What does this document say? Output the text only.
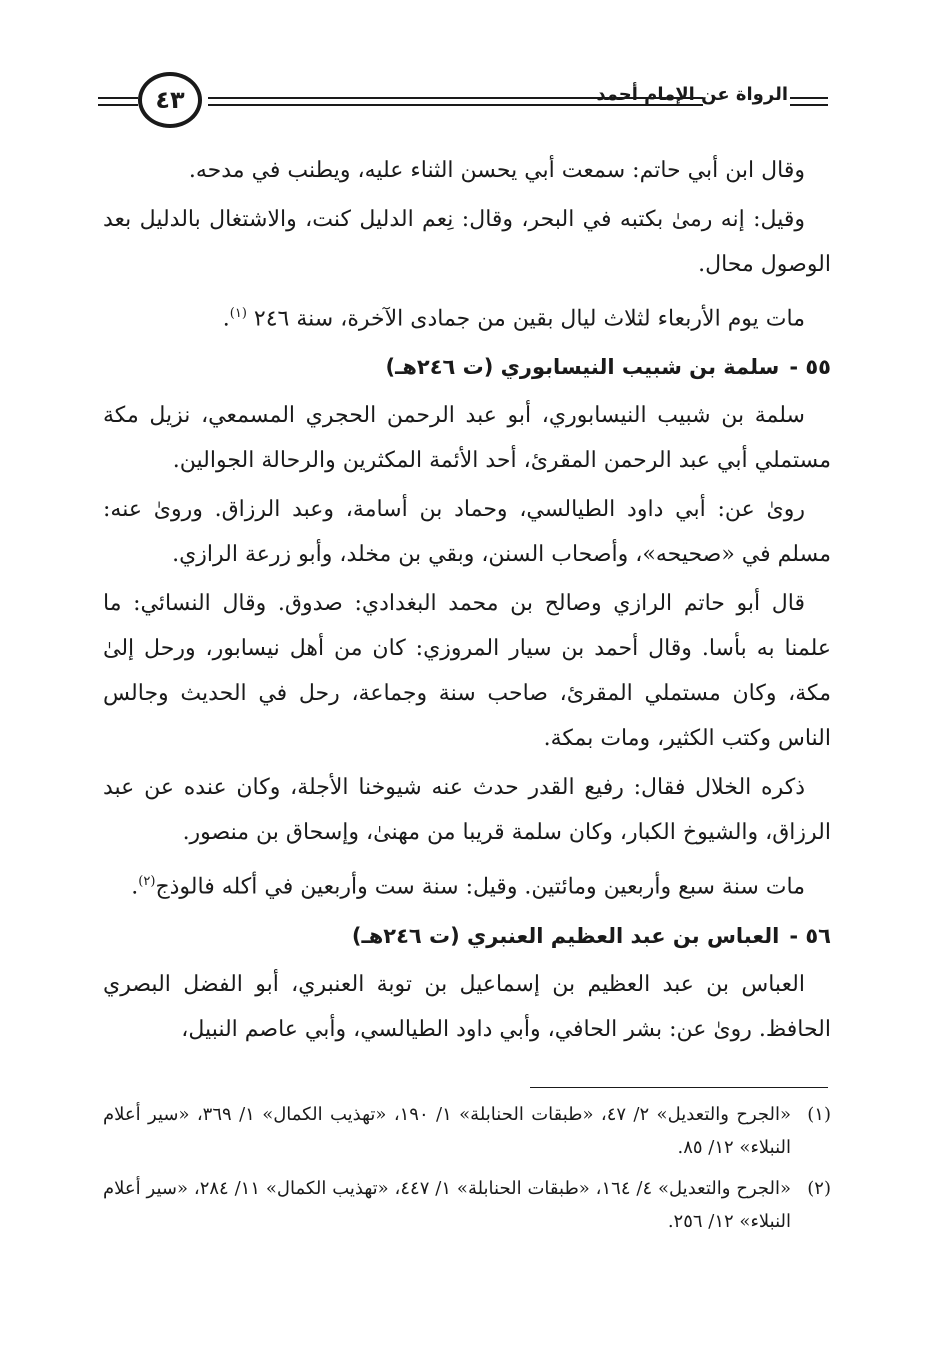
٤٣	الرواة عن الإمام أحمد

وقال ابن أبي حاتم: سمعت أبي يحسن الثناء عليه، ويطنب في مدحه.

وقيل: إنه رمىٰ بكتبه في البحر، وقال: نِعم الدليل كنت، والاشتغال بالدليل بعد الوصول محال.

مات يوم الأربعاء لثلاث ليال بقين من جمادى الآخرة، سنة ٢٤٦ $^{(١)}$.

٥٥ -سلمة بن شبيب النيسابوري (ت ٢٤٦هـ)

سلمة بن شبيب النيسابوري، أبو عبد الرحمن الحجري المسمعي، نزيل مكة مستملي أبي عبد الرحمن المقرئ، أحد الأئمة المكثرين والرحالة الجوالين.

روىٰ عن: أبي داود الطيالسي، وحماد بن أسامة، وعبد الرزاق. وروىٰ عنه: مسلم في «صحيحه»، وأصحاب السنن، وبقي بن مخلد، وأبو زرعة الرازي.

قال أبو حاتم الرازي وصالح بن محمد البغدادي: صدوق. وقال النسائي: ما علمنا به بأسا. وقال أحمد بن سيار المروزي: كان من أهل نيسابور، ورحل إلىٰ مكة، وكان مستملي المقرئ، صاحب سنة وجماعة، رحل في الحديث وجالس الناس وكتب الكثير، ومات بمكة.

ذكره الخلال فقال: رفيع القدر حدث عنه شيوخنا الأجلة، وكان عنده عن عبد الرزاق، والشيوخ الكبار، وكان سلمة قريبا من مهنىٰ، وإسحاق بن منصور.

مات سنة سبع وأربعين ومائتين. وقيل: سنة ست وأربعين في أكله فالوذج$^{(٢)}$.

٥٦ -العباس بن عبد العظيم العنبري (ت ٢٤٦هـ)

العباس بن عبد العظيم بن إسماعيل بن توبة العنبري، أبو الفضل البصري الحافظ. روىٰ عن: بشر الحافي، وأبي داود الطيالسي، وأبي عاصم النبيل،

(١)
«الجرح والتعديل» ٢/ ٤٧، «طبقات الحنابلة» ١/ ١٩٠، «تهذيب الكمال» ١/ ٣٦٩، «سير أعلام النبلاء» ١٢/ ٨٥.

(٢)
«الجرح والتعديل» ٤/ ١٦٤، «طبقات الحنابلة» ١/ ٤٤٧، «تهذيب الكمال» ١١/ ٢٨٤، «سير أعلام النبلاء» ١٢/ ٢٥٦.
